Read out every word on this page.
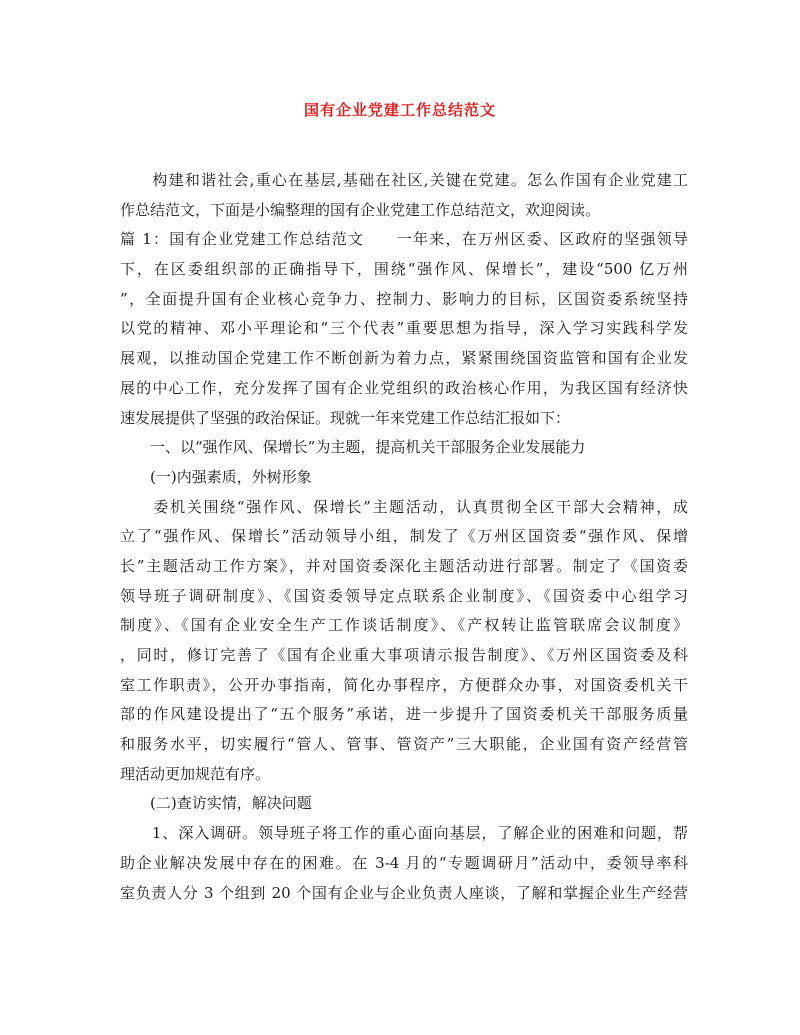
国有企业党建工作总结范文
　　构建和谐社会,重心在基层,基础在社区,关键在党建。怎么作国有企业党建工
作总结范文，下面是小编整理的国有企业党建工作总结范文，欢迎阅读。
篇 1：国有企业党建工作总结范文　　一年来，在万州区委、区政府的坚强领导
下，在区委组织部的正确指导下，围绕“强作风、保增长”，建设“500 亿万州
”，全面提升国有企业核心竞争力、控制力、影响力的目标，区国资委系统坚持
以党的精神、邓小平理论和“三个代表”重要思想为指导，深入学习实践科学发
展观，以推动国企党建工作不断创新为着力点，紧紧围绕国资监管和国有企业发
展的中心工作，充分发挥了国有企业党组织的政治核心作用，为我区国有经济快
速发展提供了坚强的政治保证。现就一年来党建工作总结汇报如下：
　　一、以“强作风、保增长”为主题，提高机关干部服务企业发展能力
　　(一)内强素质，外树形象
　　委机关围绕“强作风、保增长”主题活动，认真贯彻全区干部大会精神，成
立了“强作风、保增长”活动领导小组，制发了《万州区国资委“强作风、保增
长”主题活动工作方案》，并对国资委深化主题活动进行部署。制定了《国资委
领导班子调研制度》、《国资委领导定点联系企业制度》、《国资委中心组学习
制度》、《国有企业安全生产工作谈话制度》、《产权转让监管联席会议制度》
，同时，修订完善了《国有企业重大事项请示报告制度》、《万州区国资委及科
室工作职责》，公开办事指南，简化办事程序，方便群众办事，对国资委机关干
部的作风建设提出了“五个服务”承诺，进一步提升了国资委机关干部服务质量
和服务水平，切实履行“管人、管事、管资产”三大职能，企业国有资产经营管
理活动更加规范有序。
　　(二)查访实情，解决问题
　　1、深入调研。领导班子将工作的重心面向基层，了解企业的困难和问题，帮
助企业解决发展中存在的困难。在 3-4 月的“专题调研月”活动中，委领导率科
室负责人分 3 个组到 20 个国有企业与企业负责人座谈，了解和掌握企业生产经营
